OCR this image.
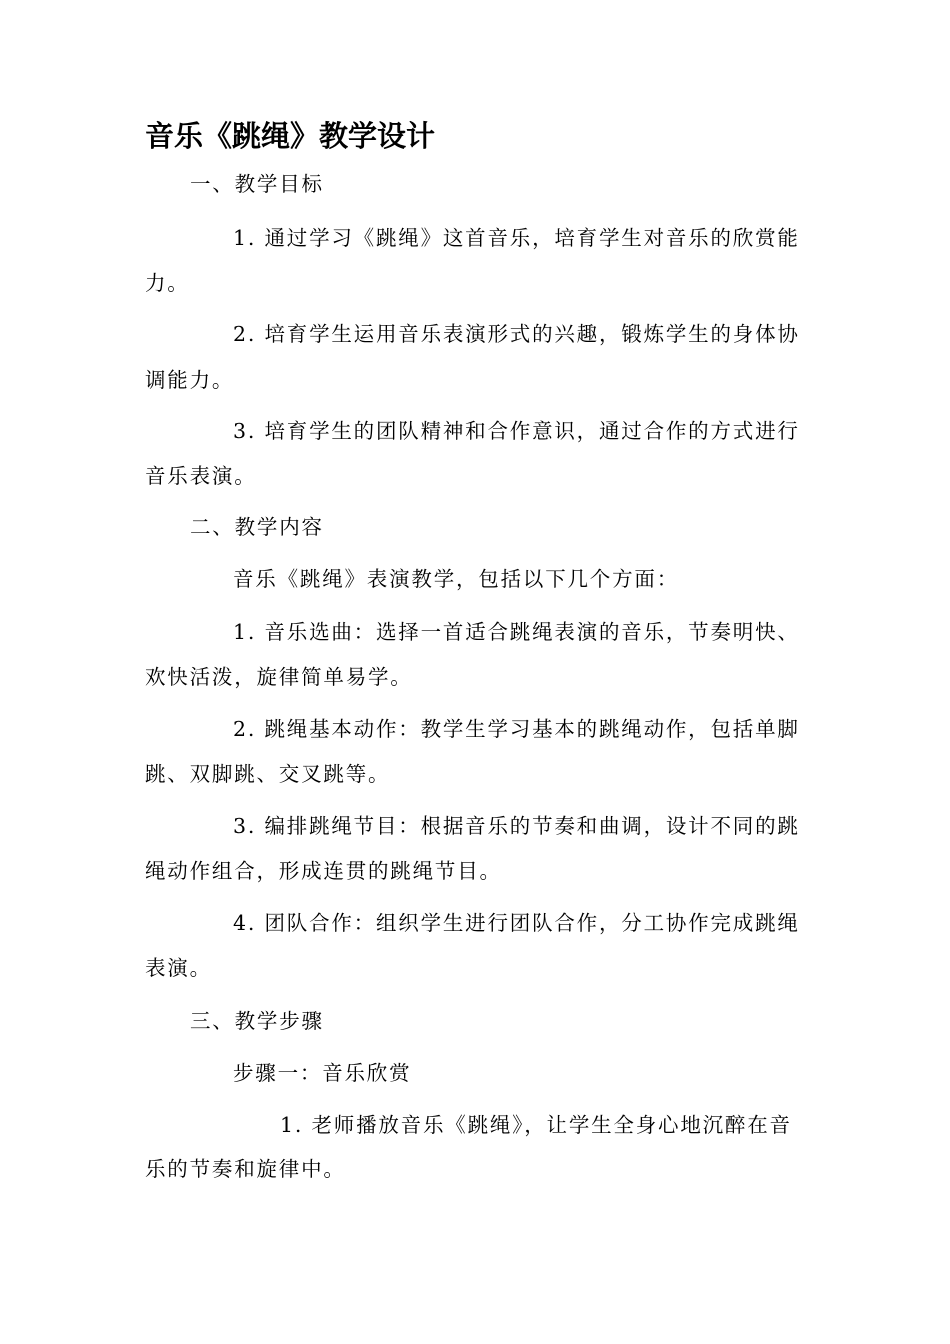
音乐《跳绳》教学设计
一、教学目标
1. 通过学习《跳绳》这首音乐，培育学生对音乐的欣赏能
力。
2. 培育学生运用音乐表演形式的兴趣，锻炼学生的身体协
调能力。
3. 培育学生的团队精神和合作意识，通过合作的方式进行
音乐表演。
二、教学内容
音乐《跳绳》表演教学，包括以下几个方面：
1. 音乐选曲：选择一首适合跳绳表演的音乐，节奏明快、
欢快活泼，旋律简单易学。
2. 跳绳基本动作：教学生学习基本的跳绳动作，包括单脚
跳、双脚跳、交叉跳等。
3. 编排跳绳节目：根据音乐的节奏和曲调，设计不同的跳
绳动作组合，形成连贯的跳绳节目。
4. 团队合作：组织学生进行团队合作，分工协作完成跳绳
表演。
三、教学步骤
步骤一：音乐欣赏
1. 老师播放音乐《跳绳》，让学生全身心地沉醉在音
乐的节奏和旋律中。
